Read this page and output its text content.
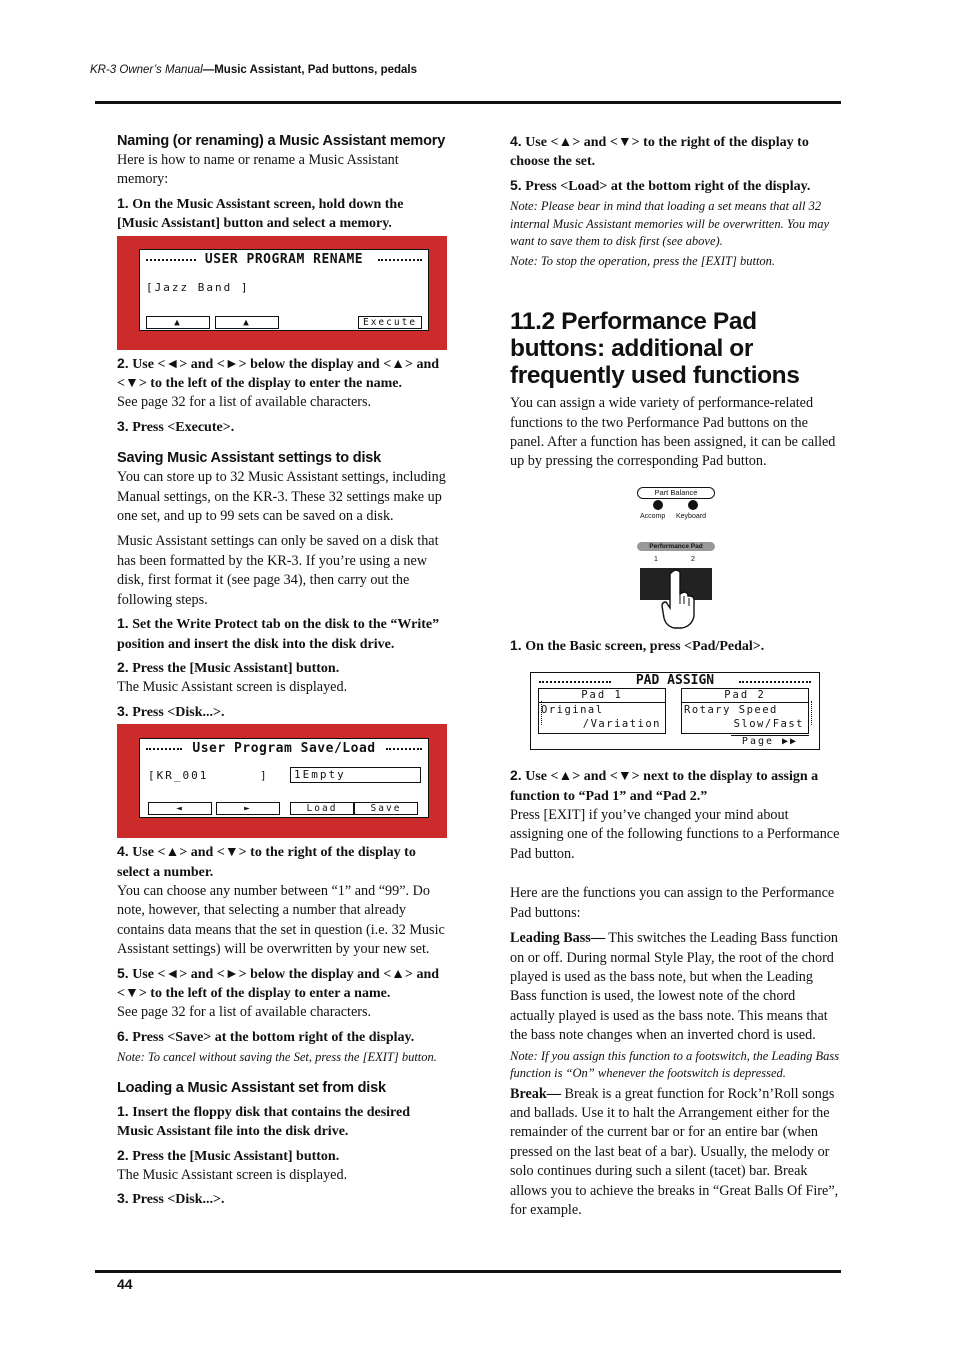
KR-3 Owner’s Manual—Music Assistant, Pad buttons, pedals

Naming (or renaming) a Music Assistant memory

Here is how to name or rename a Music Assistant memory:

1. On the Music Assistant screen, hold down the [Music Assistant] button and select a memory.

USER PROGRAM RENAME
[Jazz Band ]
▲	▲	Execute

2. Use <◄> and <►> below the display and <▲> and <▼> to the left of the display to enter the name.

See page 32 for a list of available characters.

3. Press <Execute>.

Saving Music Assistant settings to disk

You can store up to 32 Music Assistant settings, including Manual settings, on the KR-3. These 32 settings make up one set, and up to 99 sets can be saved on a disk.

Music Assistant settings can only be saved on a disk that has been formatted by the KR-3. If you’re using a new disk, first format it (see page 34), then carry out the following steps.

1. Set the Write Protect tab on the disk to the “Write” position and insert the disk into the disk drive.

2. Press the [Music Assistant] button.

The Music Assistant screen is displayed.

3. Press <Disk...>.

User Program Save/Load
[KR_001	]	1Empty
◄	►	Load	Save

4. Use <▲> and <▼> to the right of the display to select a number.

You can choose any number between “1” and “99”. Do note, however, that selecting a number that already contains data means that the set in question (i.e. 32 Music Assistant settings) will be overwritten by your new set.

5. Use <◄> and <►> below the display and <▲> and <▼> to the left of the display to enter a name.

See page 32 for a list of available characters.

6. Press <Save> at the bottom right of the display.

Note: To cancel without saving the Set, press the [EXIT] button.

Loading a Music Assistant set from disk

1. Insert the floppy disk that contains the desired Music Assistant file into the disk drive.

2. Press the [Music Assistant] button.

The Music Assistant screen is displayed.

3. Press <Disk...>.

4. Use <▲> and <▼> to the right of the display to choose the set.

5. Press <Load> at the bottom right of the display.

Note: Please bear in mind that loading a set means that all 32 internal Music Assistant memories will be overwritten. You may want to save them to disk first (see above).

Note: To stop the operation, press the [EXIT] button.

11.2 Performance Pad buttons: additional or frequently used functions

You can assign a wide variety of performance-related functions to the two Performance Pad buttons on the panel. After a function has been assigned, it can be called up by pressing the corresponding Pad button.

Part Balance
Accomp Keyboard
Performance Pad
1	2

1. On the Basic screen, press <Pad/Pedal>.

PAD ASSIGN
Pad 1
Original
/Variation
Pad 2
Rotary Speed
Slow/Fast
Page ▶▶

2. Use <▲> and <▼> next to the display to assign a function to “Pad 1” and “Pad 2.”

Press [EXIT] if you’ve changed your mind about assigning one of the following functions to a Performance Pad button.

Here are the functions you can assign to the Performance Pad buttons:

Leading Bass— This switches the Leading Bass function on or off. During normal Style Play, the root of the chord played is used as the bass note, but when the Leading Bass function is used, the lowest note of the chord actually played is used as the bass note. This means that the bass note changes when an inverted chord is used.

Note: If you assign this function to a footswitch, the Leading Bass function is “On” whenever the footswitch is depressed.

Break— Break is a great function for Rock’n’Roll songs and ballads. Use it to halt the Arrangement either for the remainder of the current bar or for an entire bar (when pressed on the last beat of a bar). Usually, the melody or solo continues during such a silent (tacet) bar. Break allows you to achieve the breaks in “Great Balls Of Fire”, for example.

44
